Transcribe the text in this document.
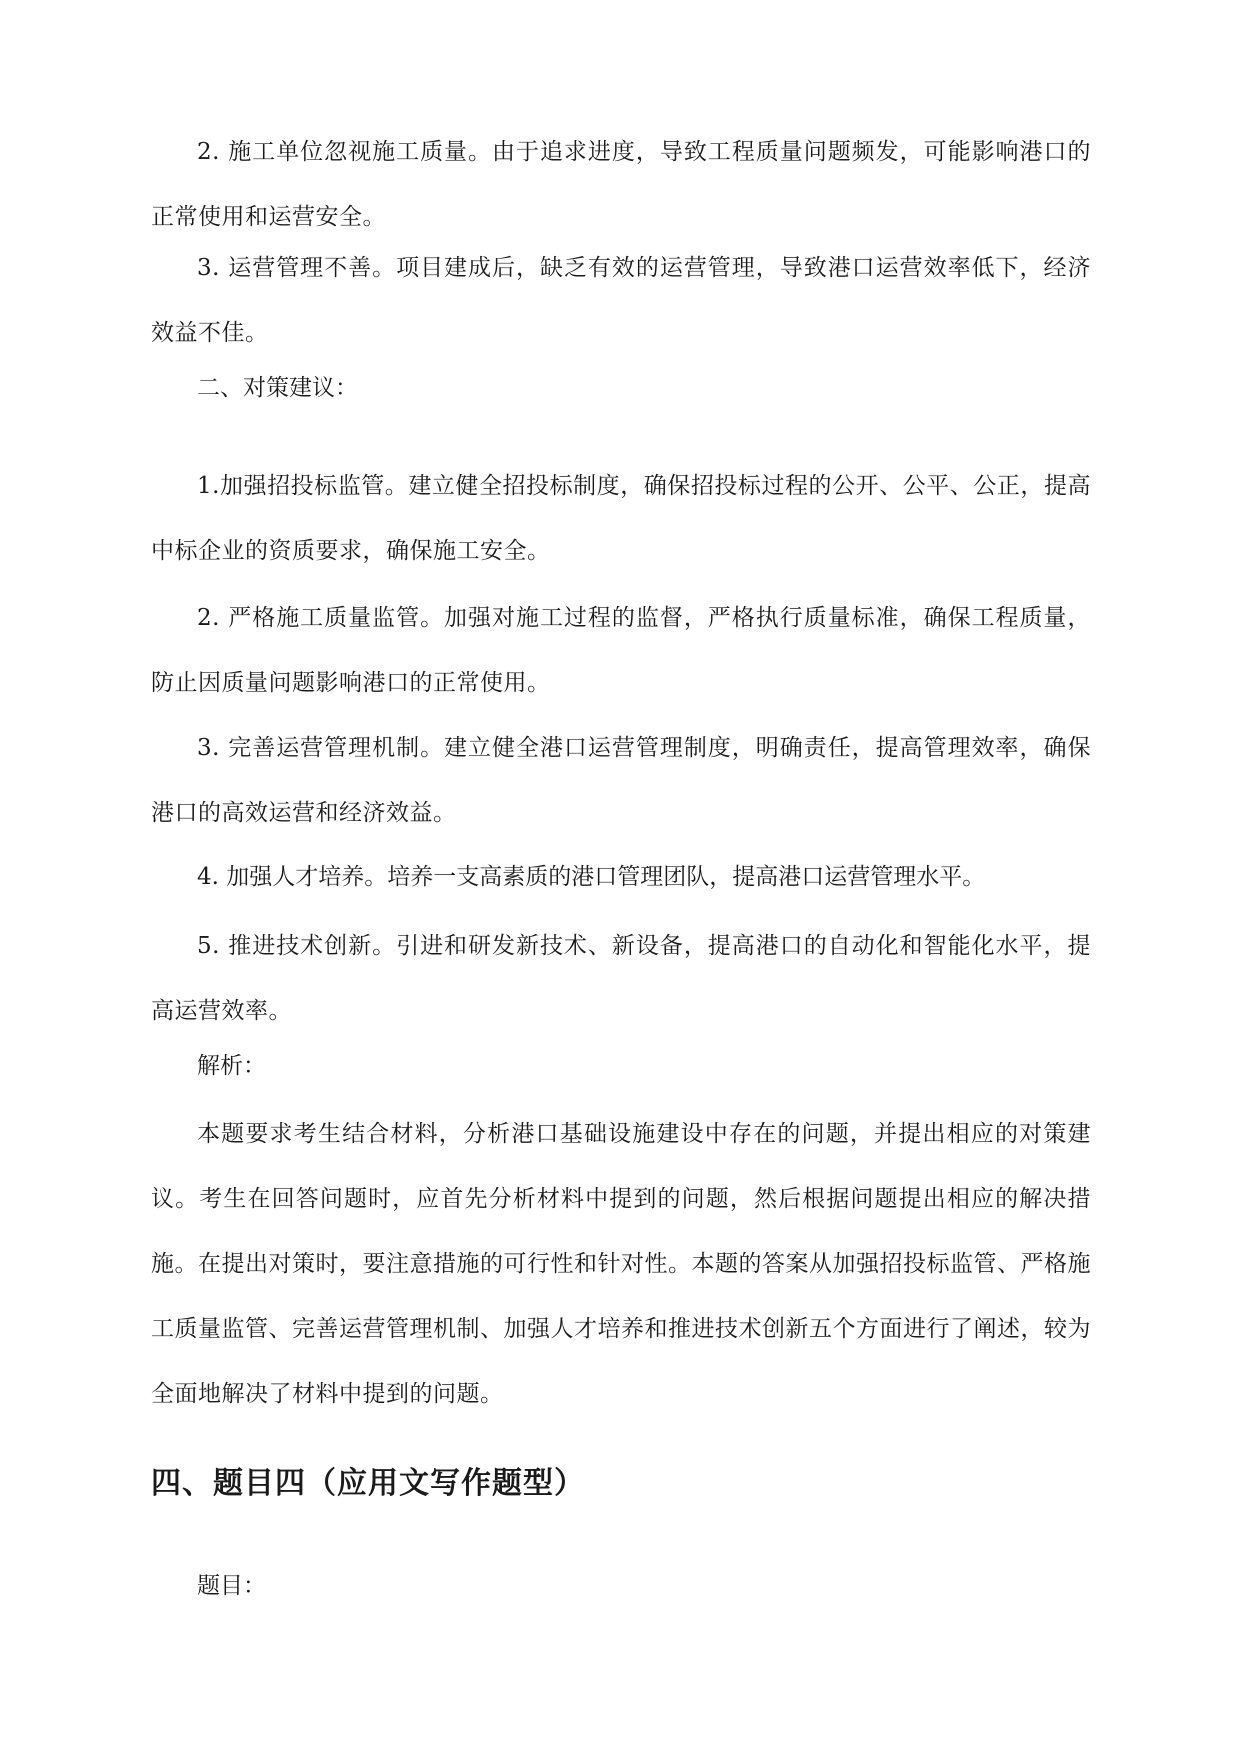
2. 施工单位忽视施工质量。由于追求进度，导致工程质量问题频发，可能影响港口的正常使用和运营安全。

3. 运营管理不善。项目建成后，缺乏有效的运营管理，导致港口运营效率低下，经济效益不佳。

二、对策建议：

1.加强招投标监管。建立健全招投标制度，确保招投标过程的公开、公平、公正，提高中标企业的资质要求，确保施工安全。

2. 严格施工质量监管。加强对施工过程的监督，严格执行质量标准，确保工程质量，防止因质量问题影响港口的正常使用。

3. 完善运营管理机制。建立健全港口运营管理制度，明确责任，提高管理效率，确保港口的高效运营和经济效益。

4. 加强人才培养。培养一支高素质的港口管理团队，提高港口运营管理水平。

5. 推进技术创新。引进和研发新技术、新设备，提高港口的自动化和智能化水平，提高运营效率。

解析：

本题要求考生结合材料，分析港口基础设施建设中存在的问题，并提出相应的对策建议。考生在回答问题时，应首先分析材料中提到的问题，然后根据问题提出相应的解决措施。在提出对策时，要注意措施的可行性和针对性。本题的答案从加强招投标监管、严格施工质量监管、完善运营管理机制、加强人才培养和推进技术创新五个方面进行了阐述，较为全面地解决了材料中提到的问题。

四、题目四（应用文写作题型）

题目：
